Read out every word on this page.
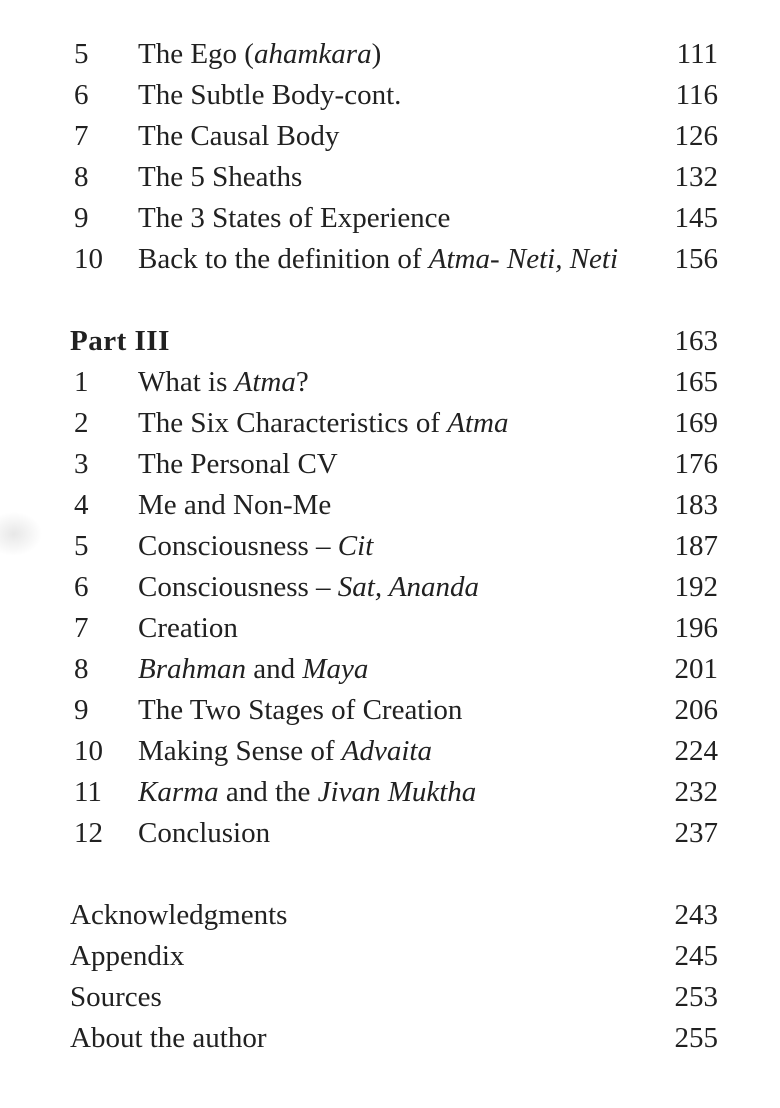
5	The Ego (ahamkara)	111
6	The Subtle Body-cont.	116
7	The Causal Body	126
8	The 5 Sheaths	132
9	The 3 States of Experience	145
10	Back to the definition of Atma- Neti, Neti	156
Part III	163
1	What is Atma?	165
2	The Six Characteristics of Atma	169
3	The Personal CV	176
4	Me and Non-Me	183
5	Consciousness – Cit	187
6	Consciousness – Sat, Ananda	192
7	Creation	196
8	Brahman and Maya	201
9	The Two Stages of Creation	206
10	Making Sense of Advaita	224
11	Karma and the Jivan Muktha	232
12	Conclusion	237
Acknowledgments	243
Appendix	245
Sources	253
About the author	255
